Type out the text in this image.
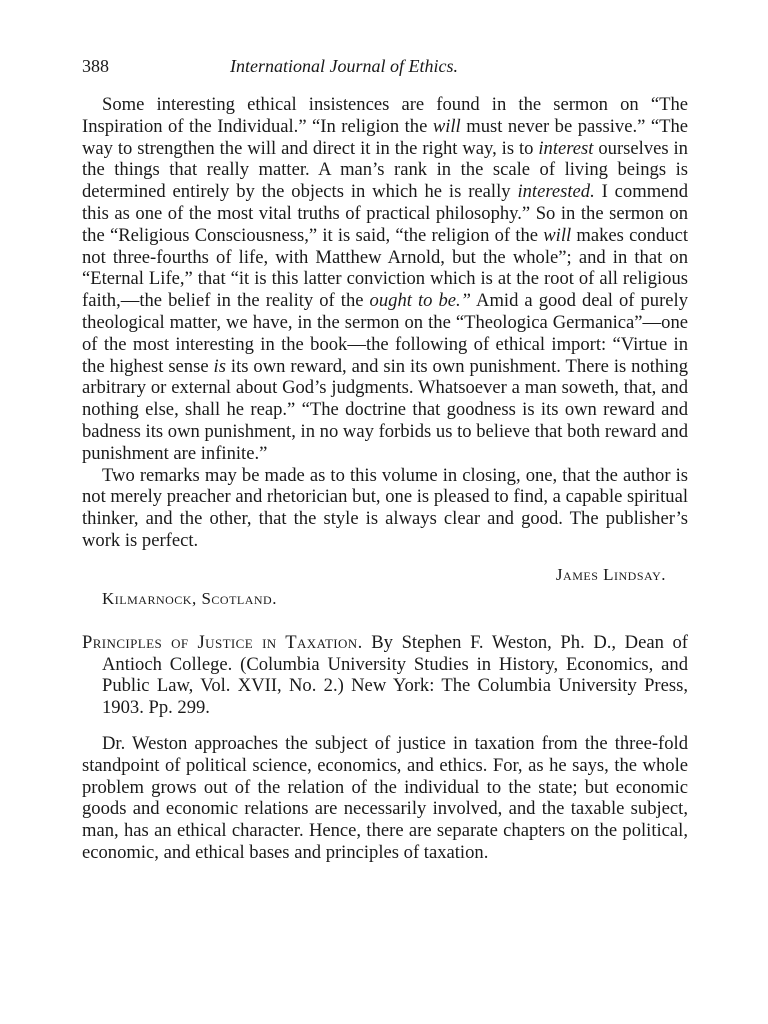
388	International Journal of Ethics.

Some interesting ethical insistences are found in the sermon on “The Inspiration of the Individual.” “In religion the will must never be passive.” “The way to strengthen the will and direct it in the right way, is to interest ourselves in the things that really matter. A man’s rank in the scale of living beings is determined entirely by the objects in which he is really interested. I commend this as one of the most vital truths of practical philosophy.” So in the sermon on the “Religious Consciousness,” it is said, “the religion of the will makes conduct not three-fourths of life, with Matthew Arnold, but the whole”; and in that on “Eternal Life,” that “it is this latter conviction which is at the root of all religious faith,—the belief in the reality of the ought to be.” Amid a good deal of purely theological matter, we have, in the sermon on the “Theologica Germanica”—one of the most interesting in the book—the following of ethical import: “Virtue in the highest sense is its own reward, and sin its own punishment. There is nothing arbitrary or external about God’s judgments. Whatsoever a man soweth, that, and nothing else, shall he reap.” “The doctrine that goodness is its own reward and badness its own punishment, in no way forbids us to believe that both reward and punishment are infinite.”

Two remarks may be made as to this volume in closing, one, that the author is not merely preacher and rhetorician but, one is pleased to find, a capable spiritual thinker, and the other, that the style is always clear and good. The publisher’s work is perfect.

James Lindsay.
Kilmarnock, Scotland.
Principles of Justice in Taxation. By Stephen F. Weston, Ph. D., Dean of Antioch College. (Columbia University Studies in History, Economics, and Public Law, Vol. XVII, No. 2.) New York: The Columbia University Press, 1903. Pp. 299.

Dr. Weston approaches the subject of justice in taxation from the three-fold standpoint of political science, economics, and ethics. For, as he says, the whole problem grows out of the relation of the individual to the state; but economic goods and economic relations are necessarily involved, and the taxable subject, man, has an ethical character. Hence, there are separate chapters on the political, economic, and ethical bases and principles of taxation.
